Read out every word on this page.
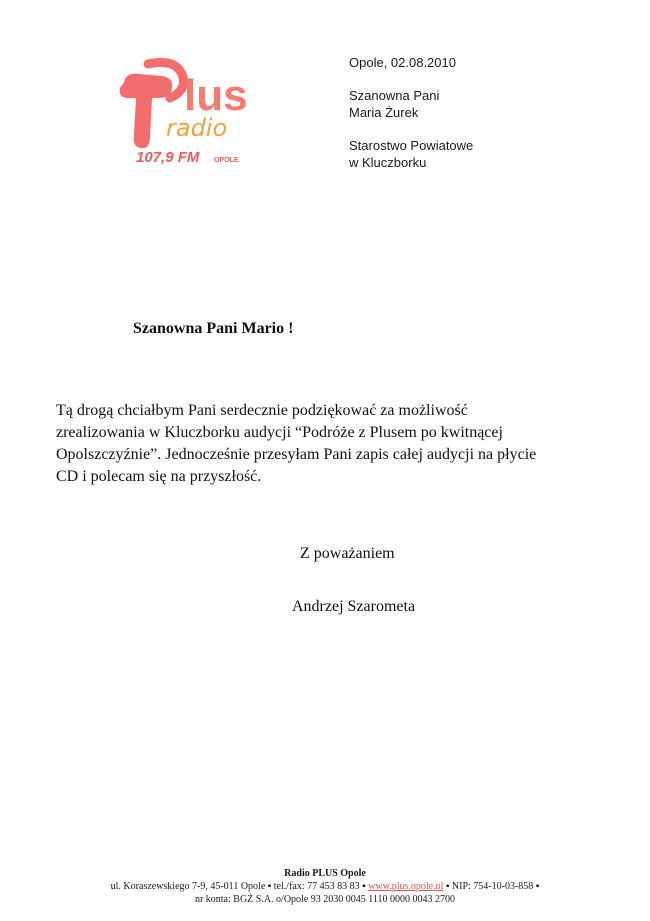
lus
radio
107,9 FM OPOLE
Opole, 02.08.2010
Szanowna Pani
Maria Żurek
Starostwo Powiatowe
w Kluczborku
Szanowna Pani Mario !
Tą drogą chciałbym Pani serdecznie podziękować za możliwość
zrealizowania w Kluczborku audycji “Podróże z Plusem po kwitnącej
Opolszczyźnie”. Jednocześnie przesyłam Pani zapis całej audycji na płycie
CD i polecam się na przyszłość.
Z poważaniem
Andrzej Szarometa
Radio PLUS Opole
ul. Koraszewskiego 7-9, 45-011 Opole ▪ tel./fax: 77 453 83 83 ▪ www.plus.opole.pl ▪ NIP: 754-10-03-858 ▪
nr konta: BGŻ S.A. o/Opole 93 2030 0045 1110 0000 0043 2700
